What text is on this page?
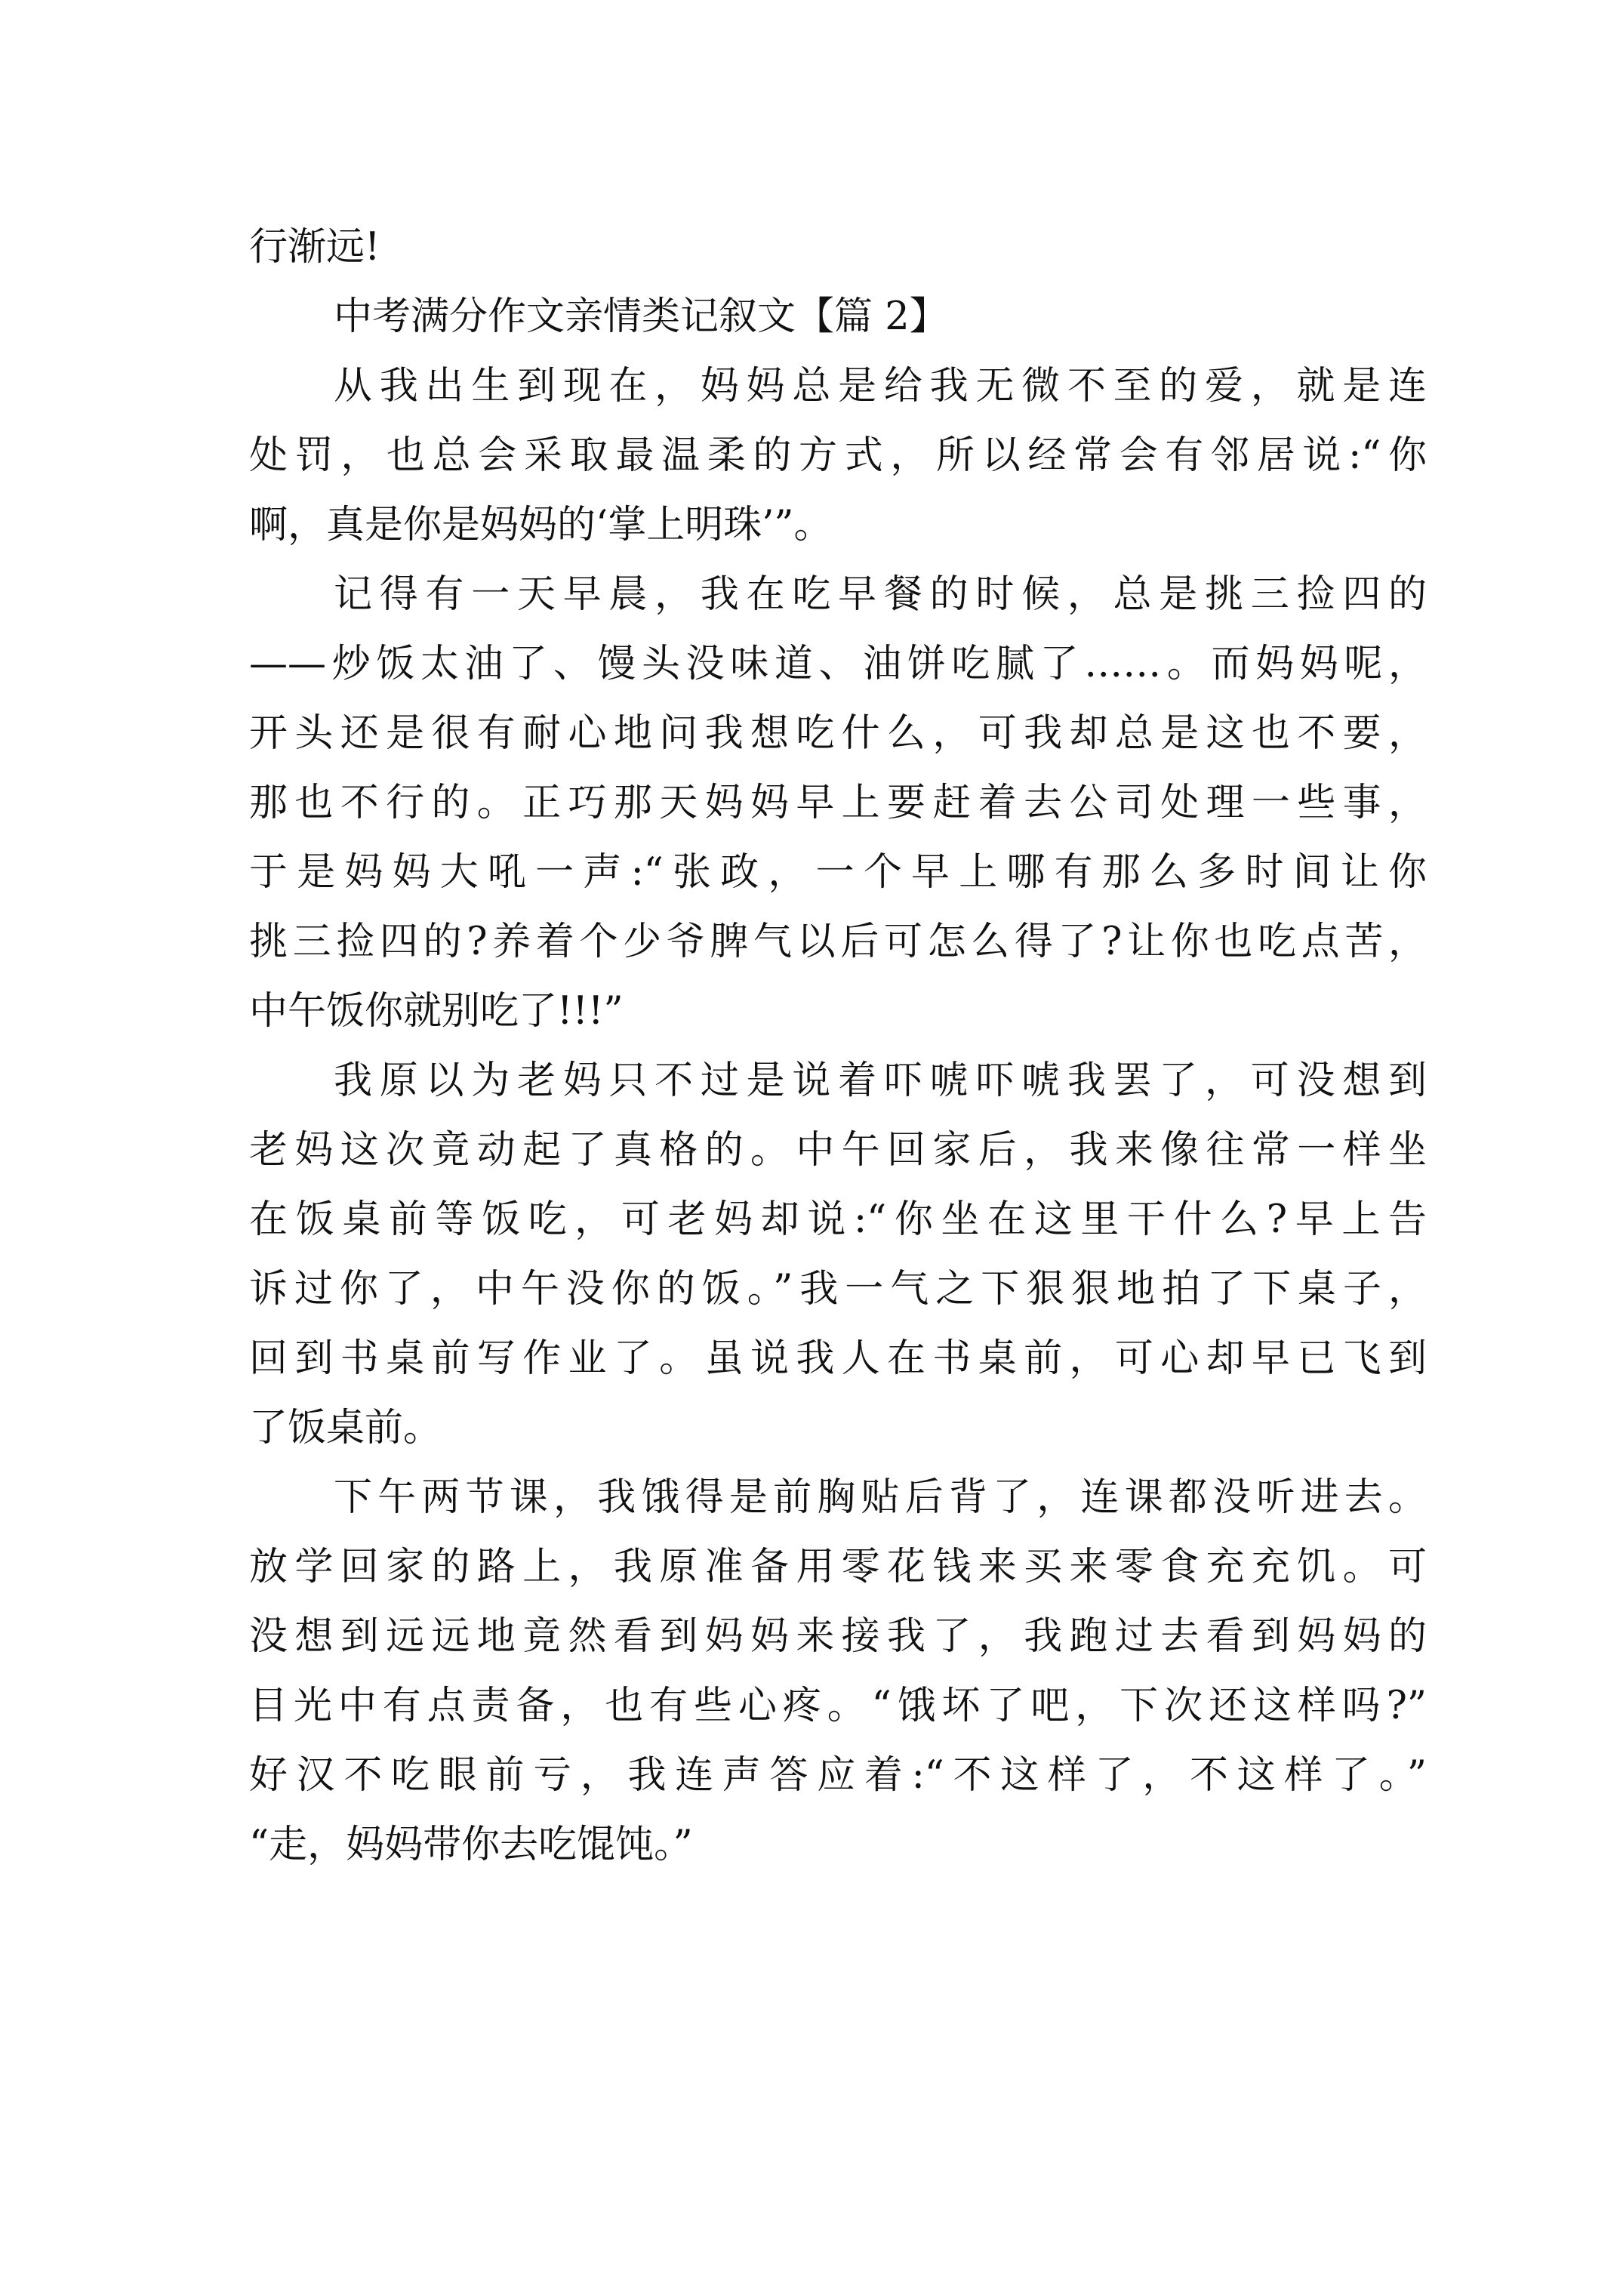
行渐远!
中考满分作文亲情类记叙文【篇 2】
从我出生到现在，妈妈总是给我无微不至的爱，就是连
处罚，也总会采取最温柔的方式，所以经常会有邻居说:“你
啊，真是你是妈妈的‘掌上明珠’”。
记得有一天早晨，我在吃早餐的时候，总是挑三捡四的
——炒饭太油了、馒头没味道、油饼吃腻了……。而妈妈呢，
开头还是很有耐心地问我想吃什么，可我却总是这也不要，
那也不行的。正巧那天妈妈早上要赶着去公司处理一些事，
于是妈妈大吼一声:“张政，一个早上哪有那么多时间让你
挑三捡四的?养着个少爷脾气以后可怎么得了?让你也吃点苦，
中午饭你就别吃了!!!”
我原以为老妈只不过是说着吓唬吓唬我罢了，可没想到
老妈这次竟动起了真格的。中午回家后，我来像往常一样坐
在饭桌前等饭吃，可老妈却说:“你坐在这里干什么?早上告
诉过你了，中午没你的饭。”我一气之下狠狠地拍了下桌子，
回到书桌前写作业了。虽说我人在书桌前，可心却早已飞到
了饭桌前。
下午两节课，我饿得是前胸贴后背了，连课都没听进去。
放学回家的路上，我原准备用零花钱来买来零食充充饥。可
没想到远远地竟然看到妈妈来接我了，我跑过去看到妈妈的
目光中有点责备，也有些心疼。“饿坏了吧，下次还这样吗?”
好汉不吃眼前亏，我连声答应着:“不这样了，不这样了。”
“走，妈妈带你去吃馄饨。”
